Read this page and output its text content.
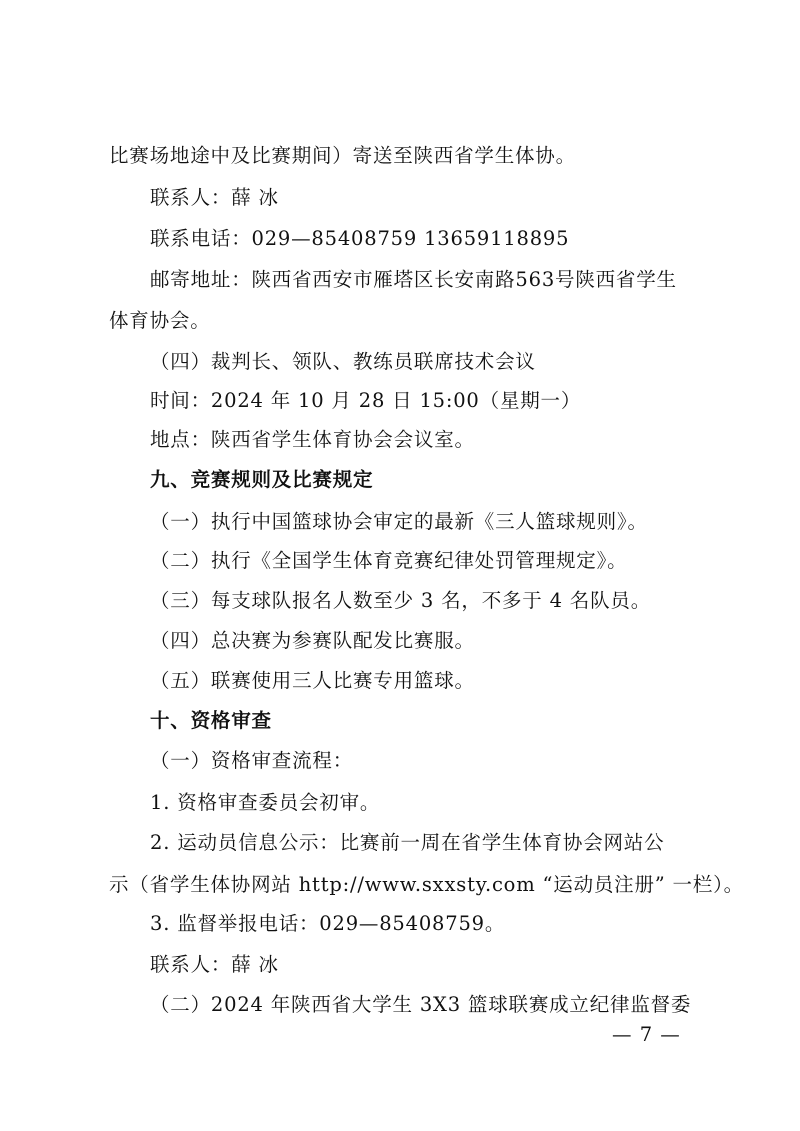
比赛场地途中及比赛期间）寄送至陕西省学生体协。
联系人：薛 冰
联系电话：029—85408759 13659118895
邮寄地址：陕西省西安市雁塔区长安南路563号陕西省学生
体育协会。
（四）裁判长、领队、教练员联席技术会议
时间：2024 年 10 月 28 日 15:00（星期一）
地点：陕西省学生体育协会会议室。
九、竞赛规则及比赛规定
（一）执行中国篮球协会审定的最新《三人篮球规则》。
（二）执行《全国学生体育竞赛纪律处罚管理规定》。
（三）每支球队报名人数至少 3 名，不多于 4 名队员。
（四）总决赛为参赛队配发比赛服。
（五）联赛使用三人比赛专用篮球。
十、资格审查
（一）资格审查流程：
1. 资格审查委员会初审。
2. 运动员信息公示：比赛前一周在省学生体育协会网站公
示（省学生体协网站 http://www.sxxsty.com “运动员注册” 一栏）。
3. 监督举报电话：029—85408759。
联系人：薛 冰
（二）2024 年陕西省大学生 3X3 篮球联赛成立纪律监督委
— 7 —
